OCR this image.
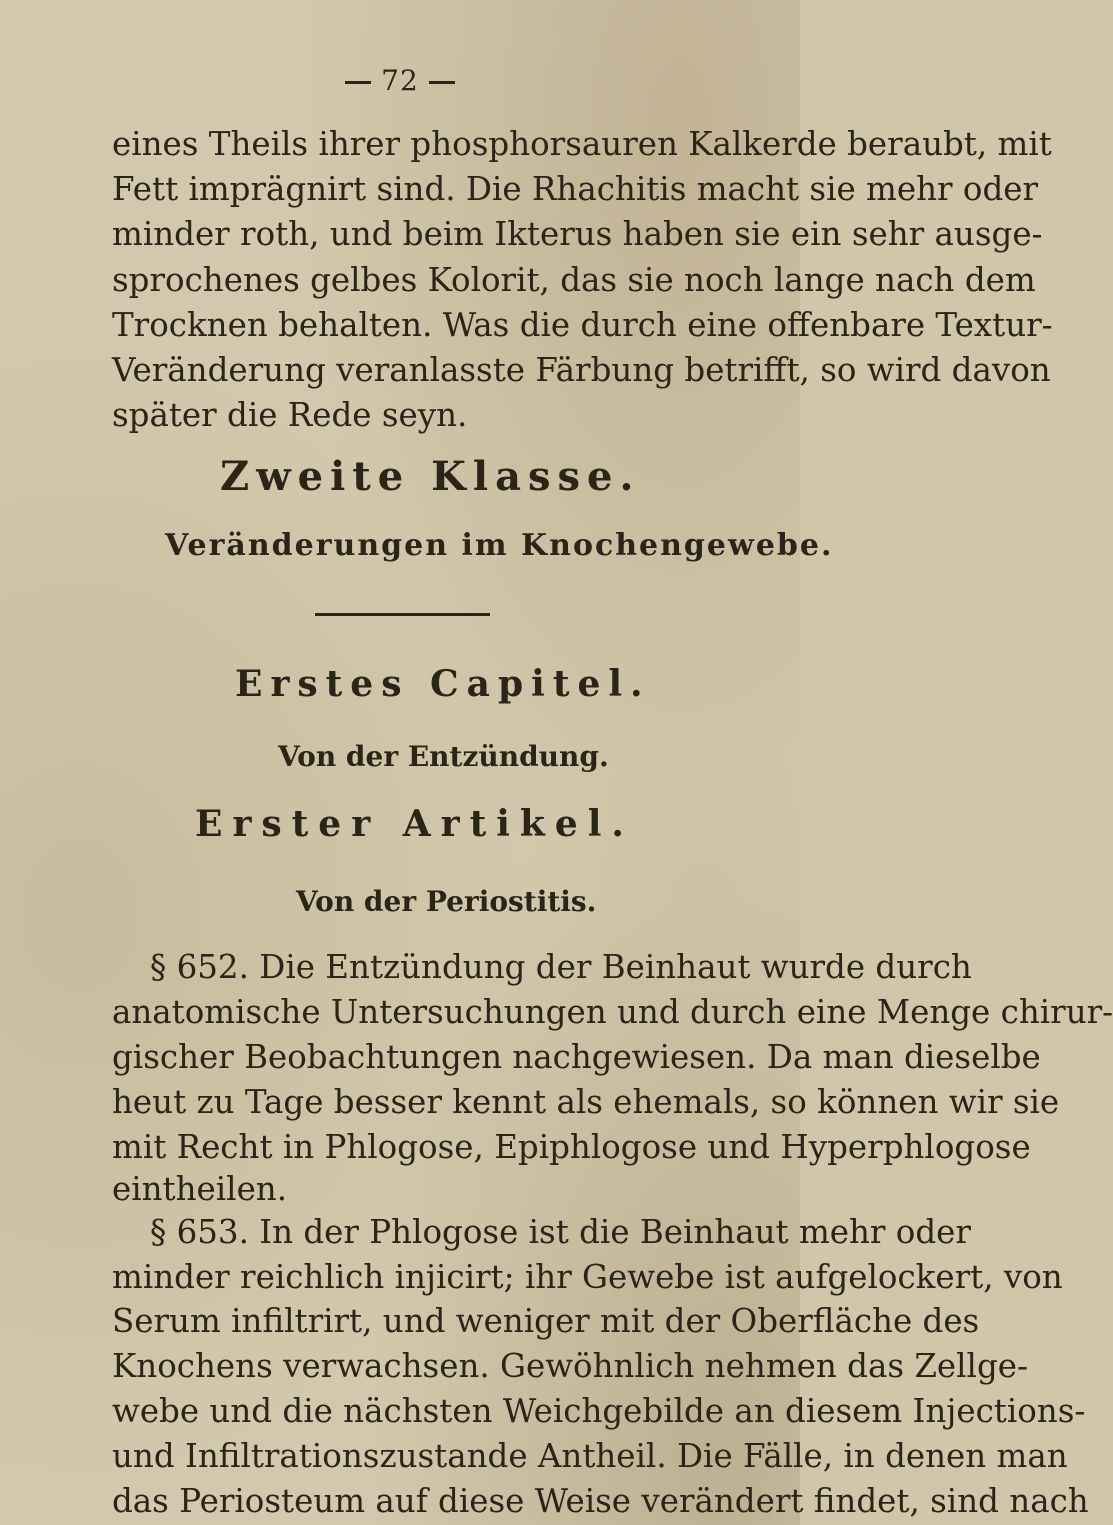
72
eines Theils ihrer phosphorsauren Kalkerde beraubt, mit
Fett imprägnirt sind. Die Rhachitis macht sie mehr oder
minder roth, und beim Ikterus haben sie ein sehr ausge-
sprochenes gelbes Kolorit, das sie noch lange nach dem
Trocknen behalten. Was die durch eine offenbare Textur-
Veränderung veranlasste Färbung betrifft, so wird davon
später die Rede seyn.
Zweite Klasse.
Veränderungen im Knochengewebe.
Erstes Capitel.
Von der Entzündung.
Erster Artikel.
Von der Periostitis.
§ 652. Die Entzündung der Beinhaut wurde durch
anatomische Untersuchungen und durch eine Menge chirur-
gischer Beobachtungen nachgewiesen. Da man dieselbe
heut zu Tage besser kennt als ehemals, so können wir sie
mit Recht in Phlogose, Epiphlogose und Hyperphlogose
eintheilen.
§ 653. In der Phlogose ist die Beinhaut mehr oder
minder reichlich injicirt; ihr Gewebe ist aufgelockert, von
Serum infiltrirt, und weniger mit der Oberfläche des
Knochens verwachsen. Gewöhnlich nehmen das Zellge-
webe und die nächsten Weichgebilde an diesem Injections-
und Infiltrationszustande Antheil. Die Fälle, in denen man
das Periosteum auf diese Weise verändert findet, sind nach
